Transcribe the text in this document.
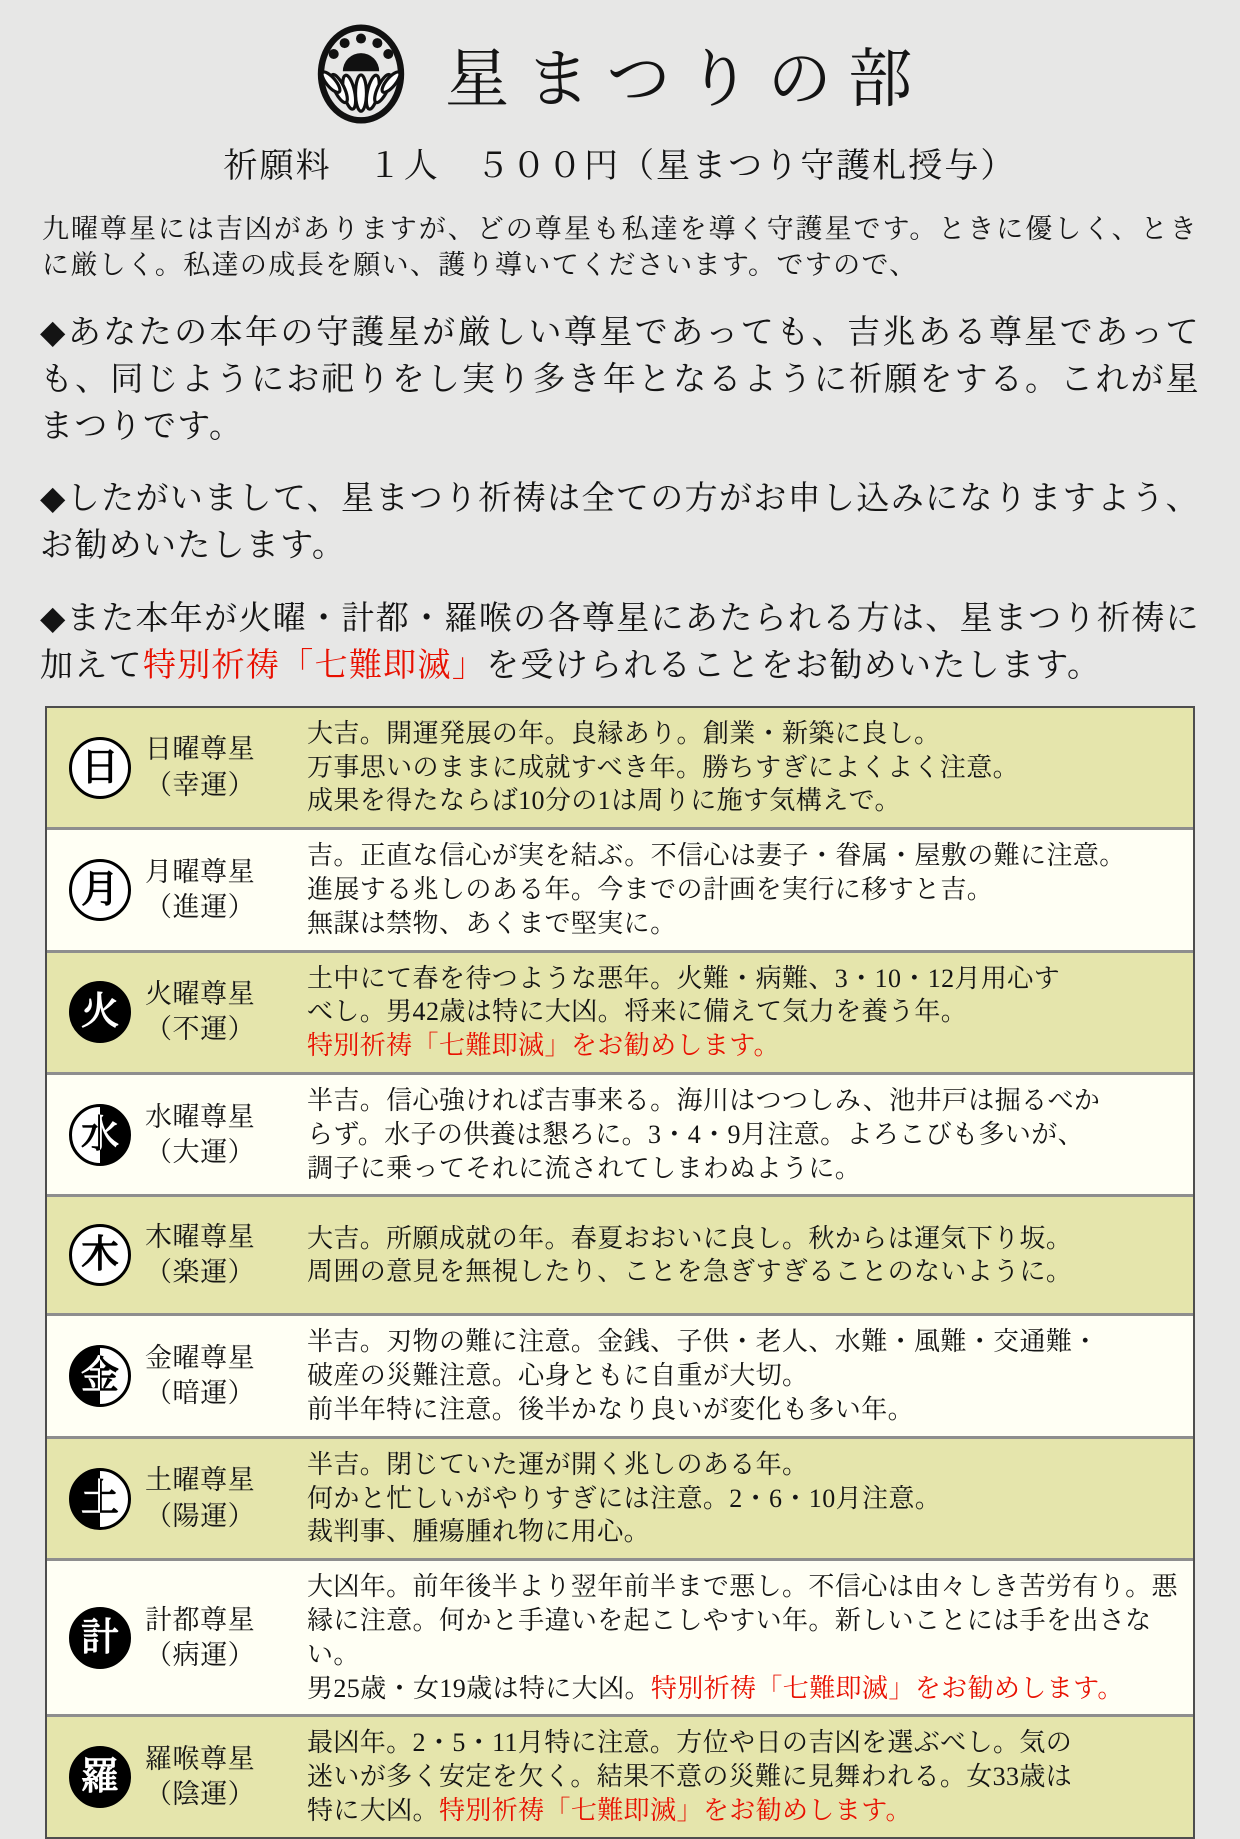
星まつりの部
祈願料　１人　５００円（星まつり守護札授与）

九曜尊星には吉凶がありますが、どの尊星も私達を導く守護星です。ときに優しく、ときに厳しく。私達の成長を願い、護り導いてくださいます。ですので、

◆あなたの本年の守護星が厳しい尊星であっても、吉兆ある尊星であっても、同じようにお祀りをし実り多き年となるように祈願をする。これが星まつりです。

◆したがいまして、星まつり祈祷は全ての方がお申し込みになりますよう、お勧めいたします。

◆また本年が火曜・計都・羅喉の各尊星にあたられる方は、星まつり祈祷に加えて特別祈祷「七難即滅」を受けられることをお勧めいたします。

日 日曜尊星
（幸運）
大吉。開運発展の年。良縁あり。創業・新築に良し。
万事思いのままに成就すべき年。勝ちすぎによくよく注意。
成果を得たならば10分の1は周りに施す気構えで。
月 月曜尊星
（進運）
吉。正直な信心が実を結ぶ。不信心は妻子・眷属・屋敷の難に注意。
進展する兆しのある年。今までの計画を実行に移すと吉。
無謀は禁物、あくまで堅実に。
火 火曜尊星
（不運）
土中にて春を待つような悪年。火難・病難、3・10・12月用心す
べし。男42歳は特に大凶。将来に備えて気力を養う年。
特別祈祷「七難即滅」をお勧めします。
水 水曜尊星
（大運）
半吉。信心強ければ吉事来る。海川はつつしみ、池井戸は掘るべか
らず。水子の供養は懇ろに。3・4・9月注意。よろこびも多いが、
調子に乗ってそれに流されてしまわぬように。
木 木曜尊星
（楽運）
大吉。所願成就の年。春夏おおいに良し。秋からは運気下り坂。
周囲の意見を無視したり、ことを急ぎすぎることのないように。
金 金曜尊星
（暗運）
半吉。刃物の難に注意。金銭、子供・老人、水難・風難・交通難・
破産の災難注意。心身ともに自重が大切。
前半年特に注意。後半かなり良いが変化も多い年。
土 土曜尊星
（陽運）
半吉。閉じていた運が開く兆しのある年。
何かと忙しいがやりすぎには注意。2・6・10月注意。
裁判事、腫瘍腫れ物に用心。
計 計都尊星
（病運）
大凶年。前年後半より翌年前半まで悪し。不信心は由々しき苦労有り。悪
縁に注意。何かと手違いを起こしやすい年。新しいことには手を出さない。
男25歳・女19歳は特に大凶。特別祈祷「七難即滅」をお勧めします。
羅 羅喉尊星
（陰運）
最凶年。2・5・11月特に注意。方位や日の吉凶を選ぶべし。気の
迷いが多く安定を欠く。結果不意の災難に見舞われる。女33歳は
特に大凶。特別祈祷「七難即滅」をお勧めします。
